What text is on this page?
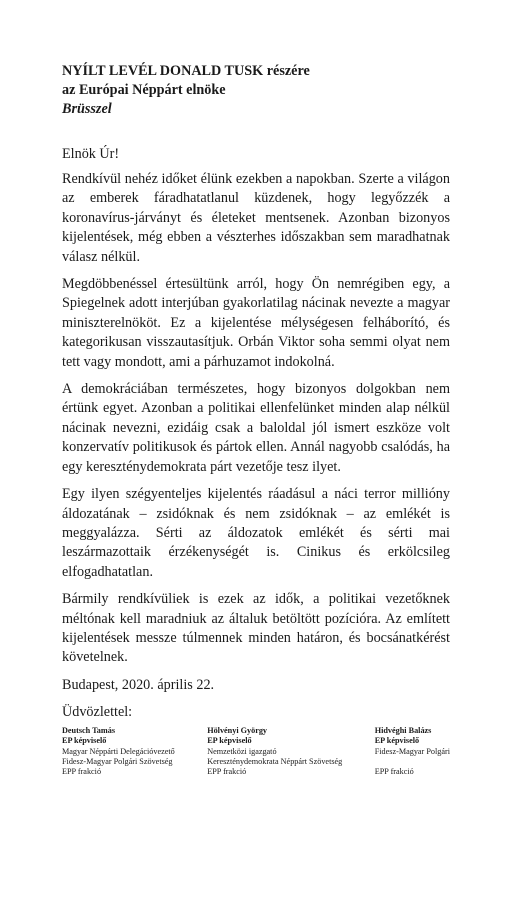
NYÍLT LEVÉL DONALD TUSK részére

az Európai Néppárt elnöke

Brüsszel

Elnök Úr!

Rendkívül nehéz időket élünk ezekben a napokban. Szerte a világon az emberek fáradhatatlanul küzdenek, hogy legyőzzék a koronavírus-járványt és életeket mentsenek. Azonban bizonyos kijelentések, még ebben a vészterhes időszakban sem maradhatnak válasz nélkül.

Megdöbbenéssel értesültünk arról, hogy Ön nemrégiben egy, a Spiegelnek adott interjúban gyakorlatilag nácinak nevezte a magyar miniszterelnököt. Ez a kijelentése mélységesen felháborító, és kategorikusan visszautasítjuk. Orbán Viktor soha semmi olyat nem tett vagy mondott, ami a párhuzamot indokolná.

A demokráciában természetes, hogy bizonyos dolgokban nem értünk egyet. Azonban a politikai ellenfelünket minden alap nélkül nácinak nevezni, ezidáig csak a baloldal jól ismert eszköze volt konzervatív politikusok és pártok ellen. Annál nagyobb csalódás, ha egy kereszténydemokrata párt vezetője tesz ilyet.

Egy ilyen szégyenteljes kijelentés ráadásul a náci terror millióny áldozatának – zsidóknak és nem zsidóknak – az emlékét is meggyalázza. Sérti az áldozatok emlékét és sérti mai leszármazottaik érzékenységét is. Cinikus és erkölcsileg elfogadhatatlan.

Bármily rendkívüliek is ezek az idők, a politikai vezetőknek méltónak kell maradniuk az általuk betöltött pozícióra. Az említett kijelentések messze túlmennek minden határon, és bocsánatkérést követelnek.

Budapest, 2020. április 22.

Üdvözlettel:

Deutsch Tamás
EP képviselő
Magyar Néppárti Delegációvezető
Fidesz-Magyar Polgári Szövetség
EPP frakció
Hölvényi György
EP képviselő
Nemzetközi igazgató
Kereszténydemokrata Néppárt Szövetség
EPP frakció
Hidvéghi Balázs
EP képviselő
Fidesz-Magyar Polgári

EPP frakció
